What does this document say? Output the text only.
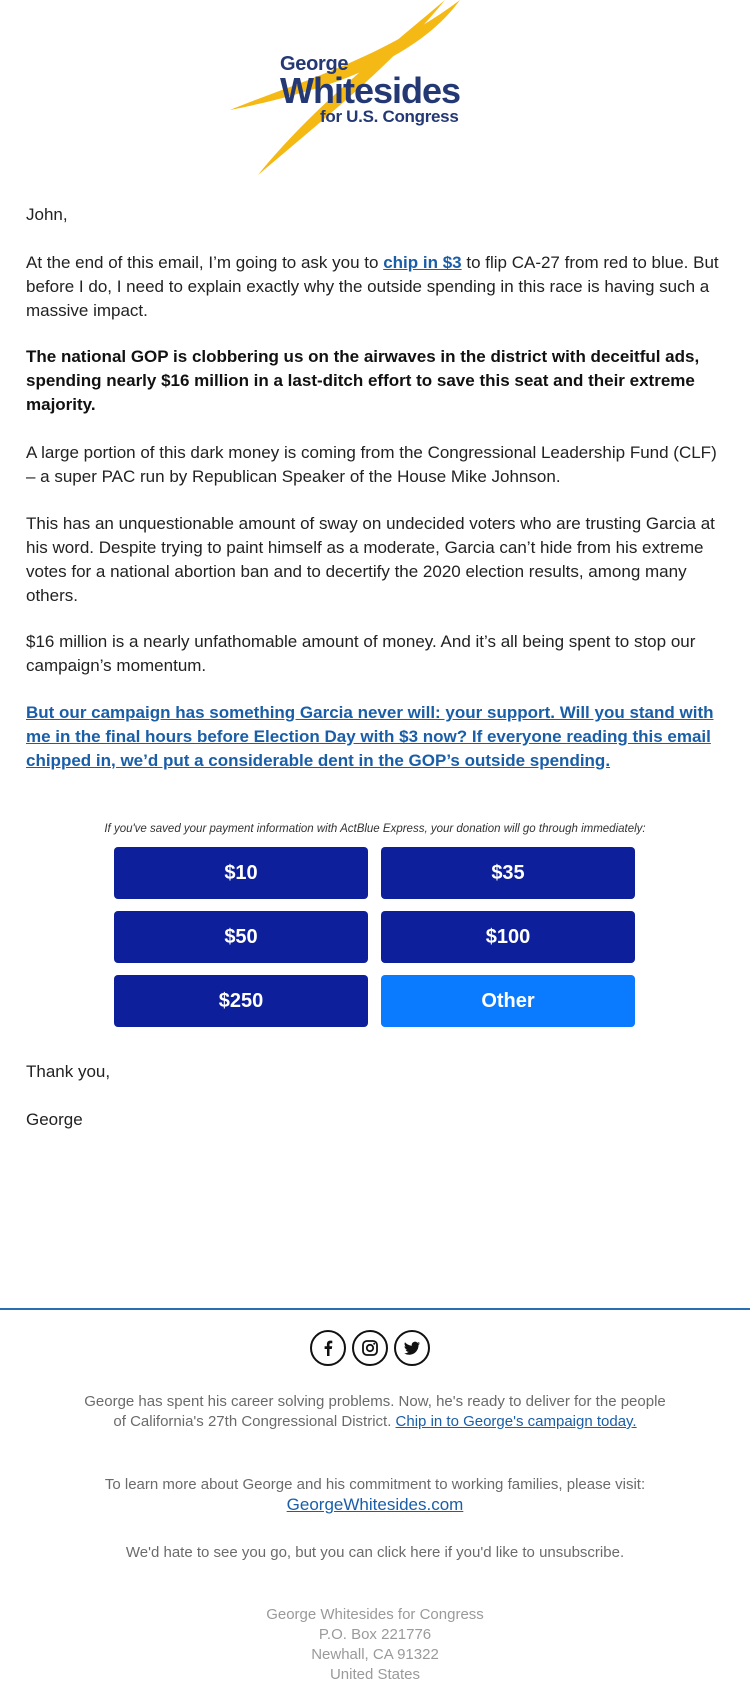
George
Whitesides
for U.S. Congress
John,
At the end of this email, I’m going to ask you to chip in $3 to flip CA-27 from red to blue. But before I do, I need to explain exactly why the outside spending in this race is having such a massive impact.
The national GOP is clobbering us on the airwaves in the district with deceitful ads, spending nearly $16 million in a last-ditch effort to save this seat and their extreme majority.
A large portion of this dark money is coming from the Congressional Leadership Fund (CLF) – a super PAC run by Republican Speaker of the House Mike Johnson.
This has an unquestionable amount of sway on undecided voters who are trusting Garcia at his word. Despite trying to paint himself as a moderate, Garcia can’t hide from his extreme votes for a national abortion ban and to decertify the 2020 election results, among many others.
$16 million is a nearly unfathomable amount of money. And it’s all being spent to stop our campaign’s momentum.
But our campaign has something Garcia never will: your support. Will you stand with me in the final hours before Election Day with $3 now? If everyone reading this email chipped in, we’d put a considerable dent in the GOP’s outside spending.
If you've saved your payment information with ActBlue Express, your donation will go through immediately:
$10	$35
$50	$100
$250	Other
Thank you,
George
George has spent his career solving problems. Now, he's ready to deliver for the people of California's 27th Congressional District. Chip in to George's campaign today.
To learn more about George and his commitment to working families, please visit:
GeorgeWhitesides.com
We'd hate to see you go, but you can click here if you'd like to unsubscribe.
George Whitesides for Congress
P.O. Box 221776
Newhall, CA 91322
United States
